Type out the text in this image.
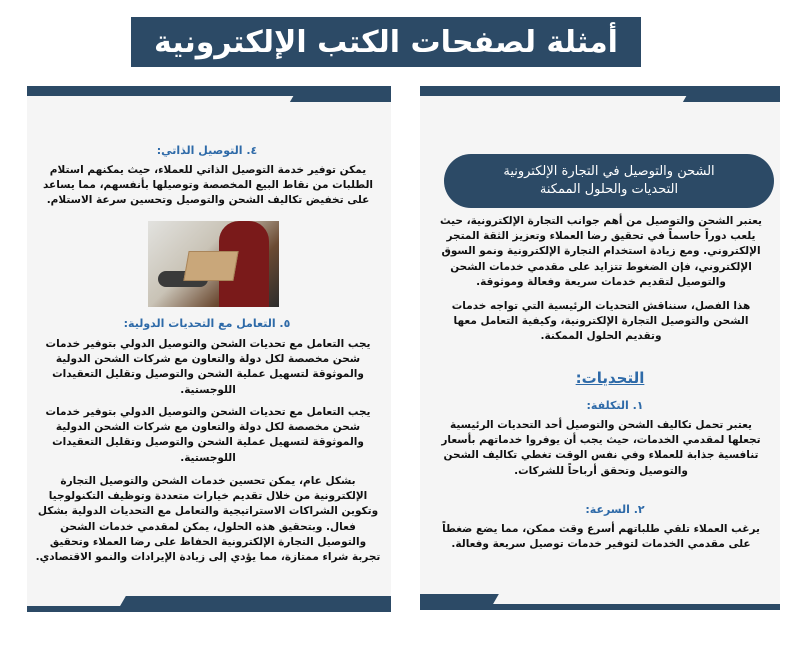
أمثلة لصفحات الكتب الإلكترونية
الشحن والتوصيل في التجارة الإلكترونية
التحديات والحلول الممكنة
يعتبر الشحن والتوصيل من أهم جوانب التجارة الإلكترونية، حيث يلعب دوراً حاسماً في تحقيق رضا العملاء وتعزيز الثقة المتجر الإلكتروني. ومع زيادة استخدام التجارة الإلكترونية ونمو السوق الإلكتروني، فإن الضغوط تتزايد على مقدمي خدمات الشحن والتوصيل لتقديم خدمات سريعة وفعالة وموثوقة.
هذا الفصل، سنناقش التحديات الرئيسية التي تواجه خدمات الشحن والتوصيل التجارة الإلكترونية، وكيفية التعامل معها وتقديم الحلول الممكنة.
التحديات:
١. التكلفة:
يعتبر تحمل تكاليف الشحن والتوصيل أحد التحديات الرئيسية تجعلها لمقدمي الخدمات، حيث يجب أن يوفروا خدماتهم بأسعار تنافسية جذابة للعملاء وفي نفس الوقت تغطي تكاليف الشحن والتوصيل وتحقق أرباحاً للشركات.
٢. السرعة:
يرغب العملاء تلقي طلباتهم أسرع وقت ممكن، مما يضع ضغطاً على مقدمي الخدمات لتوفير خدمات توصيل سريعة وفعالة.
٤. التوصيل الذاتي:
يمكن توفير خدمة التوصيل الذاتي للعملاء، حيث يمكنهم استلام الطلبات من نقاط البيع المخصصة وتوصيلها بأنفسهم، مما يساعد على تخفيض تكاليف الشحن والتوصيل وتحسين سرعة الاستلام.
٥. التعامل مع التحديات الدولية:
يجب التعامل مع تحديات الشحن والتوصيل الدولي بتوفير خدمات شحن مخصصة لكل دولة والتعاون مع شركات الشحن الدولية والموثوقة لتسهيل عملية الشحن والتوصيل وتقليل التعقيدات اللوجستية.
يجب التعامل مع تحديات الشحن والتوصيل الدولي بتوفير خدمات شحن مخصصة لكل دولة والتعاون مع شركات الشحن الدولية والموثوقة لتسهيل عملية الشحن والتوصيل وتقليل التعقيدات اللوجستية.
بشكل عام، يمكن تحسين خدمات الشحن والتوصيل التجارة الإلكترونية من خلال تقديم خيارات متعددة وتوظيف التكنولوجيا وتكوين الشراكات الاستراتيجية والتعامل مع التحديات الدولية بشكل فعال. وبتحقيق هذه الحلول، يمكن لمقدمي خدمات الشحن والتوصيل التجارة الإلكترونية الحفاظ على رضا العملاء وتحقيق تجربة شراء ممتازة، مما يؤدي إلى زيادة الإيرادات والنمو الاقتصادي.
